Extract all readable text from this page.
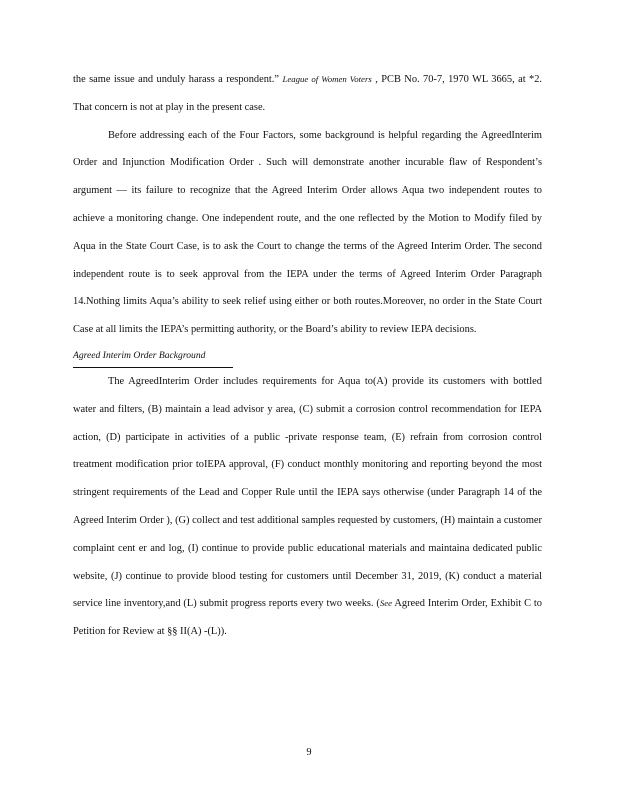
the same issue and unduly harass a respondent.” League of Women Voters , PCB No. 70-7, 1970 WL 3665, at *2. That concern is not at play in the present case.

Before addressing each of the Four Factors, some background is helpful regarding the AgreedInterim Order and Injunction Modification Order . Such will demonstrate another incurable flaw of Respondent’s argument — its failure to recognize that the Agreed Interim Order allows Aqua two independent routes to achieve a monitoring change. One independent route, and the one reflected by the Motion to Modify filed by Aqua in the State Court Case, is to ask the Court to change the terms of the Agreed Interim Order. The second independent route is to seek approval from the IEPA under the terms of Agreed Interim Order Paragraph 14.Nothing limits Aqua’s ability to seek relief using either or both routes.Moreover, no order in the State Court Case at all limits the IEPA’s permitting authority, or the Board’s ability to review IEPA decisions.

Agreed Interim Order Background

The AgreedInterim Order includes requirements for Aqua to(A) provide its customers with bottled water and filters, (B) maintain a lead advisor y area, (C) submit a corrosion control recommendation for IEPA action, (D) participate in activities of a public -private response team, (E) refrain from corrosion control treatment modification prior toIEPA approval, (F) conduct monthly monitoring and reporting beyond the most stringent requirements of the Lead and Copper Rule until the IEPA says otherwise (under Paragraph 14 of the Agreed Interim Order ), (G) collect and test additional samples requested by customers, (H) maintain a customer complaint cent er and log, (I) continue to provide public educational materials and maintaina dedicated public website, (J) continue to provide blood testing for customers until December 31, 2019, (K) conduct a material service line inventory,and (L) submit progress reports every two weeks. (See Agreed Interim Order, Exhibit C to Petition for Review at §§ II(A) -(L)).

9
